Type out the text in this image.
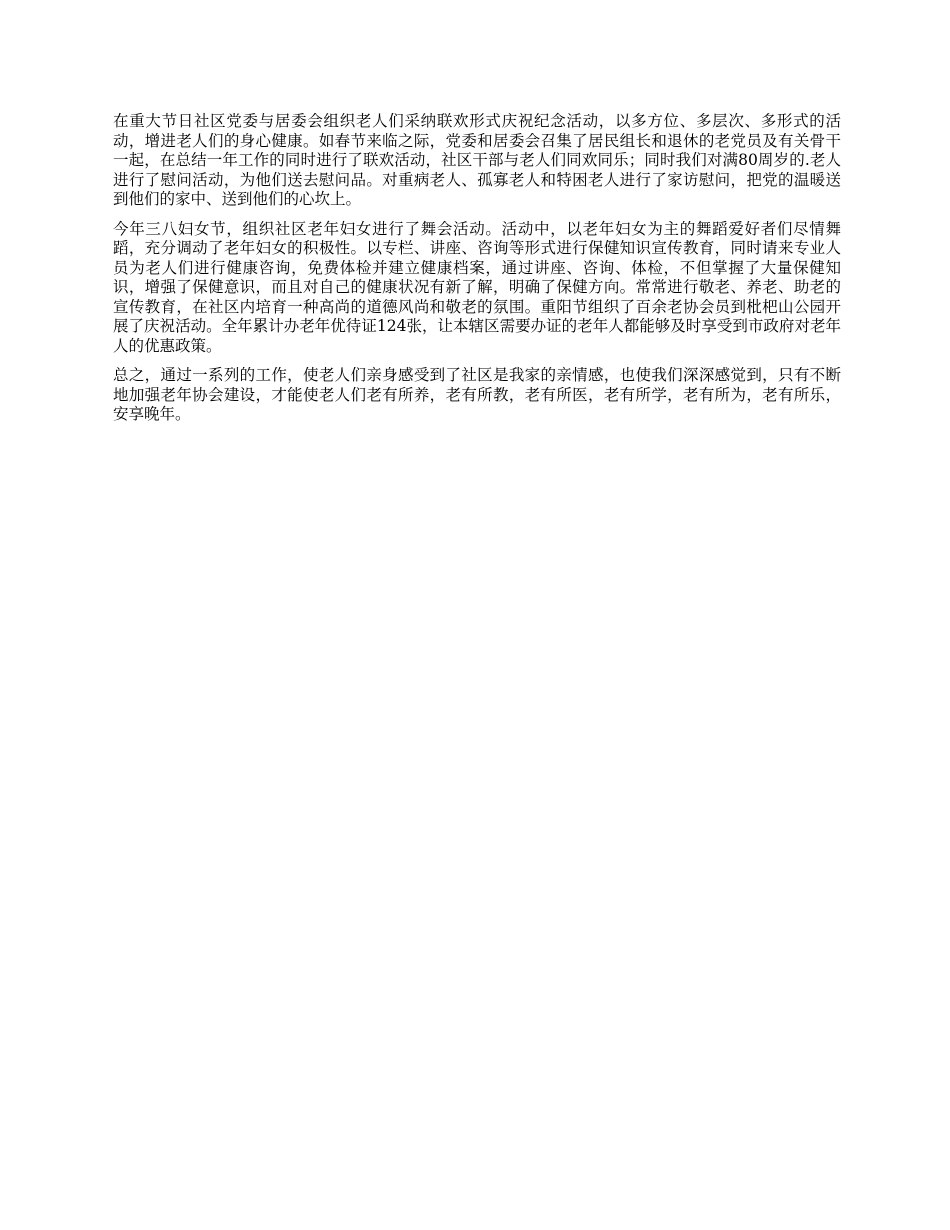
在重大节日社区党委与居委会组织老人们采纳联欢形式庆祝纪念活动，以多方位、多层次、多形式的活动，增进老人们的身心健康。如春节来临之际，党委和居委会召集了居民组长和退休的老党员及有关骨干一起，在总结一年工作的同时进行了联欢活动，社区干部与老人们同欢同乐；同时我们对满80周岁的.老人进行了慰问活动，为他们送去慰问品。对重病老人、孤寡老人和特困老人进行了家访慰问，把党的温暖送到他们的家中、送到他们的心坎上。

今年三八妇女节，组织社区老年妇女进行了舞会活动。活动中，以老年妇女为主的舞蹈爱好者们尽情舞蹈，充分调动了老年妇女的积极性。以专栏、讲座、咨询等形式进行保健知识宣传教育，同时请来专业人员为老人们进行健康咨询，免费体检并建立健康档案，通过讲座、咨询、体检，不但掌握了大量保健知识，增强了保健意识，而且对自己的健康状况有新了解，明确了保健方向。常常进行敬老、养老、助老的宣传教育，在社区内培育一种高尚的道德风尚和敬老的氛围。重阳节组织了百余老协会员到枇杷山公园开展了庆祝活动。全年累计办老年优待证124张，让本辖区需要办证的老年人都能够及时享受到市政府对老年人的优惠政策。

总之，通过一系列的工作，使老人们亲身感受到了社区是我家的亲情感，也使我们深深感觉到，只有不断地加强老年协会建设，才能使老人们老有所养，老有所教，老有所医，老有所学，老有所为，老有所乐，安享晚年。
